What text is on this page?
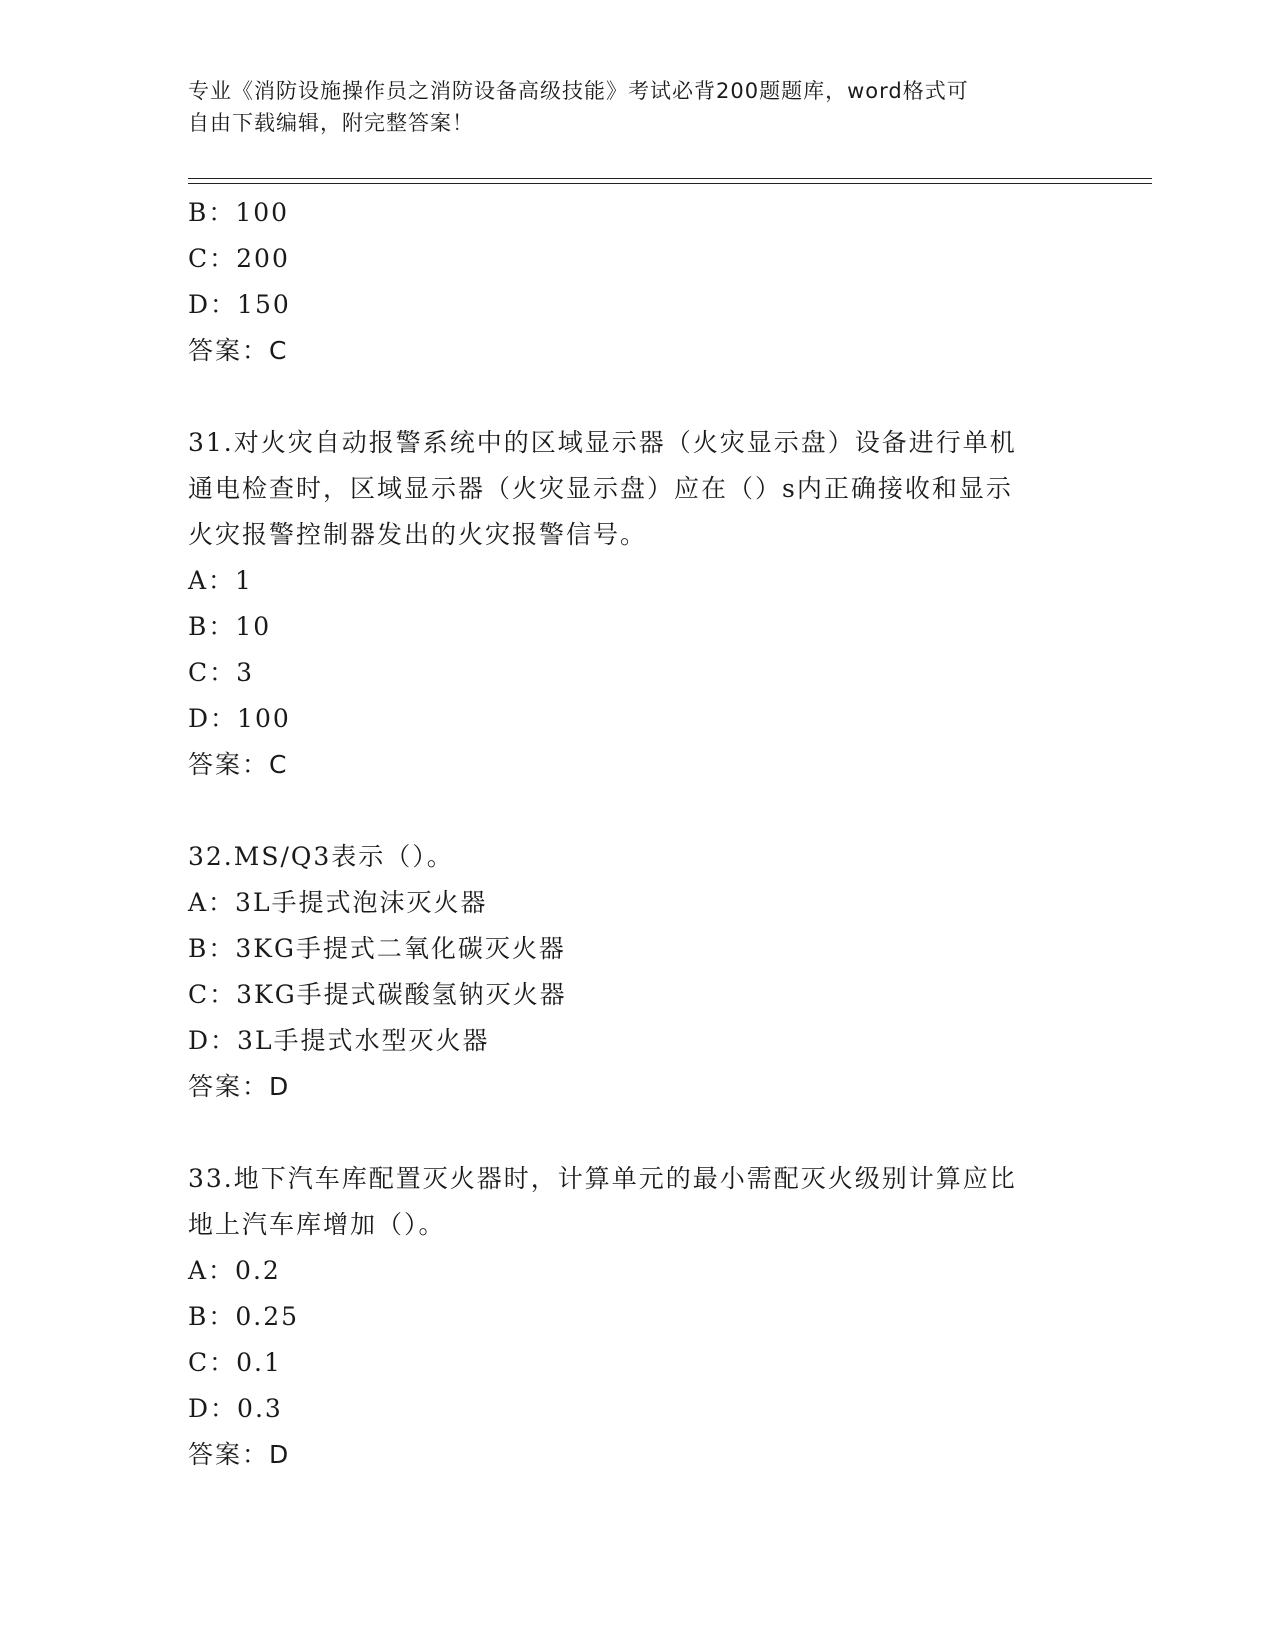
专业《消防设施操作员之消防设备高级技能》考试必背200题题库，word格式可
自由下载编辑，附完整答案！
B：100
C：200
D：150
答案：C
31.对火灾自动报警系统中的区域显示器（火灾显示盘）设备进行单机
通电检查时，区域显示器（火灾显示盘）应在（）s内正确接收和显示
火灾报警控制器发出的火灾报警信号。
A：1
B：10
C：3
D：100
答案：C
32.MS/Q3表示（）。
A：3L手提式泡沫灭火器
B：3KG手提式二氧化碳灭火器
C：3KG手提式碳酸氢钠灭火器
D：3L手提式水型灭火器
答案：D
33.地下汽车库配置灭火器时，计算单元的最小需配灭火级别计算应比
地上汽车库增加（）。
A：0.2
B：0.25
C：0.1
D：0.3
答案：D
